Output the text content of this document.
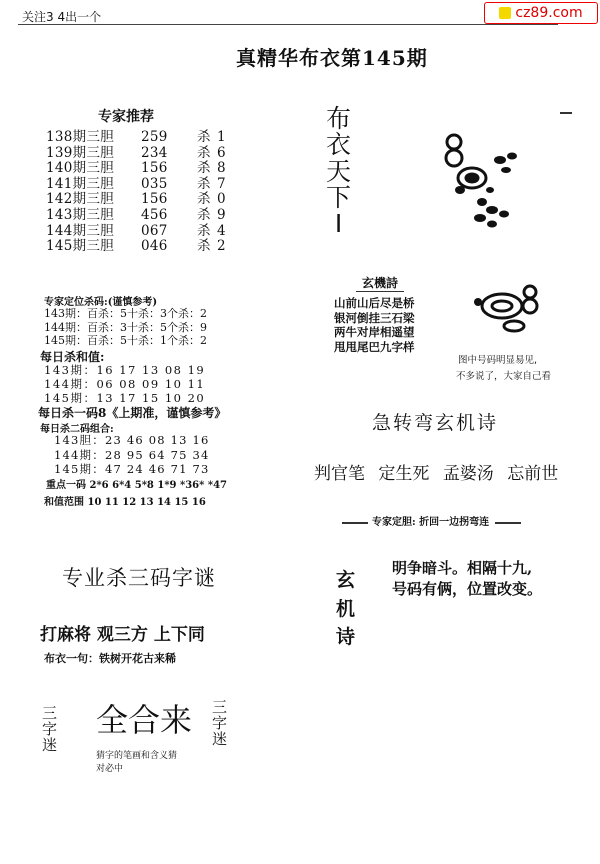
关注3 4出一个	cz89.com
真精华布衣第145期
专家推荐
138期三胆 259 杀 1
139期三胆 234 杀 6
140期三胆 156 杀 8
141期三胆 035 杀 7
142期三胆 156 杀 0
143期三胆 456 杀 9
144期三胆 067 杀 4
145期三胆 046 杀 2
专家定位杀码:(谨慎参考)
143期：百杀：5十杀：3个杀：2
144期：百杀：3十杀：5个杀：9
145期：百杀：5十杀：1个杀：2
每日杀和值:
143期：16 17 13 08 19
144期：06 08 09 10 11
145期：13 17 15 10 20
每日杀一码8《上期准，谨慎参考》
每日杀二码组合:
143胆：23 46 08 13 16
144期：28 95 64 75 34
145期：47 24 46 71 73
重点一码 2*6 6*4 5*8 1*9 *36* *47
和值范围 10 11 12 13 14 15 16
专业杀三码字谜
打麻将 观三方 上下同
布衣一句：铁树开花古来稀
三
字
迷
全合来 三
字
迷
猜字的笔画和含义猜
对必中
布
衣
天
下
I
玄機詩
山前山后尽是桥
银河倒挂三石梁
两牛对岸相遥望
甩甩尾巴九字样
图中号码明显易见,
不多说了，大家自己看
急转弯玄机诗
判官笔 定生死 孟婆汤 忘前世
专家定胆: 折回一边拐弯连
玄
机
诗
明争暗斗。相隔十九,
号码有俩，位置改变。
